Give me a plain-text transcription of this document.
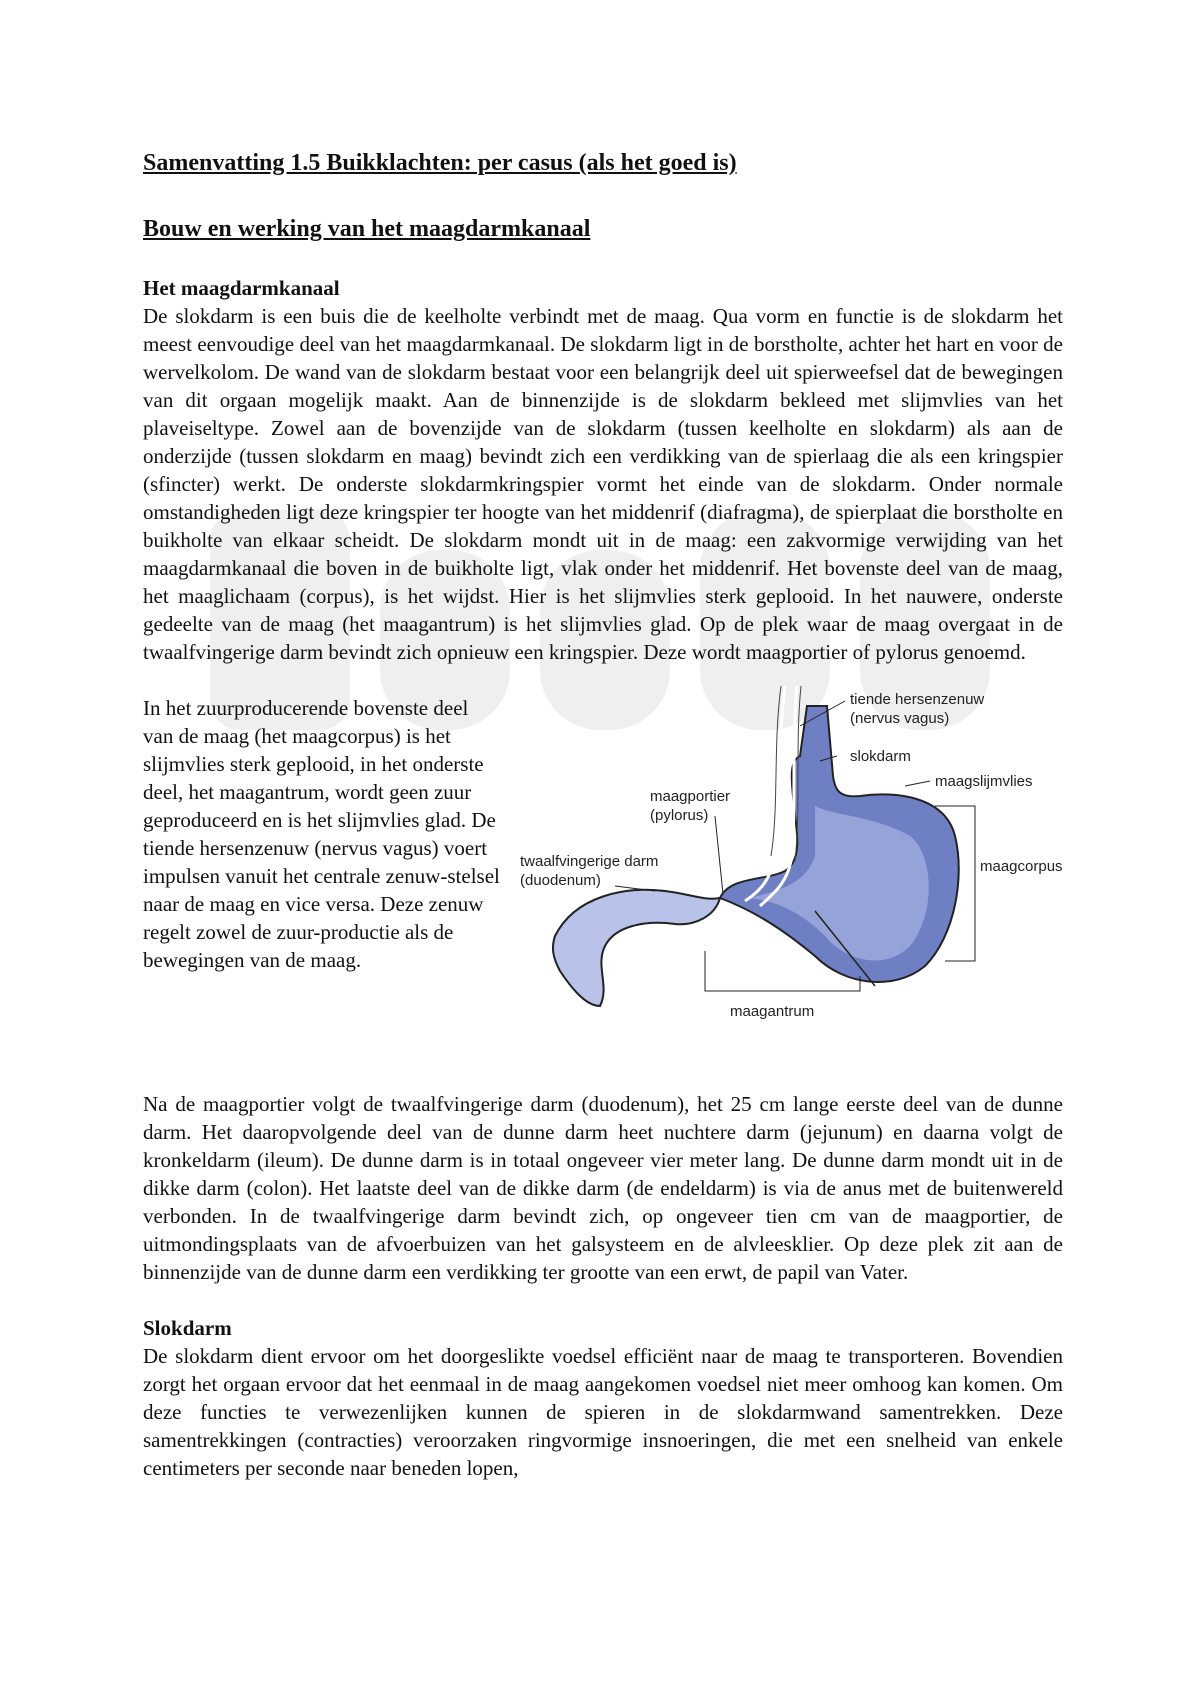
Samenvatting 1.5 Buikklachten: per casus (als het goed is)
Bouw en werking van het maagdarmkanaal
Het maagdarmkanaal

De slokdarm is een buis die de keelholte verbindt met de maag. Qua vorm en functie is de slokdarm het meest eenvoudige deel van het maagdarmkanaal. De slokdarm ligt in de borstholte, achter het hart en voor de wervelkolom. De wand van de slokdarm bestaat voor een belangrijk deel uit spierweefsel dat de bewegingen van dit orgaan mogelijk maakt. Aan de binnenzijde is de slokdarm bekleed met slijmvlies van het plaveiseltype. Zowel aan de bovenzijde van de slokdarm (tussen keelholte en slokdarm) als aan de onderzijde (tussen slokdarm en maag) bevindt zich een verdikking van de spierlaag die als een kringspier (sfincter) werkt. De onderste slokdarmkringspier vormt het einde van de slokdarm. Onder normale omstandigheden ligt deze kringspier ter hoogte van het middenrif (diafragma), de spierplaat die borstholte en buikholte van elkaar scheidt. De slokdarm mondt uit in de maag: een zakvormige verwijding van het maagdarmkanaal die boven in de buikholte ligt, vlak onder het middenrif. Het bovenste deel van de maag, het maaglichaam (corpus), is het wijdst. Hier is het slijmvlies sterk geplooid. In het nauwere, onderste gedeelte van de maag (het maagantrum) is het slijmvlies glad. Op de plek waar de maag overgaat in de twaalfvingerige darm bevindt zich opnieuw een kringspier. Deze wordt maagportier of pylorus genoemd.

In het zuurproducerende bovenste deel van de maag (het maagcorpus) is het slijmvlies sterk geplooid, in het onderste deel, het maagantrum, wordt geen zuur geproduceerd en is het slijmvlies glad. De tiende hersenzenuw (nervus vagus) voert impulsen vanuit het centrale zenuw-stelsel naar de maag en vice versa. Deze zenuw regelt zowel de zuur-productie als de bewegingen van de maag.

tiende hersenzenuw
(nervus vagus)
slokdarm
maagslijmvlies
maagportier
(pylorus)
twaalfvingerige darm
(duodenum)
maagcorpus
maagantrum

Na de maagportier volgt de twaalfvingerige darm (duodenum), het 25 cm lange eerste deel van de dunne darm. Het daaropvolgende deel van de dunne darm heet nuchtere darm (jejunum) en daarna volgt de kronkeldarm (ileum). De dunne darm is in totaal ongeveer vier meter lang. De dunne darm mondt uit in de dikke darm (colon). Het laatste deel van de dikke darm (de endeldarm) is via de anus met de buitenwereld verbonden. In de twaalfvingerige darm bevindt zich, op ongeveer tien cm van de maagportier, de uitmondingsplaats van de afvoerbuizen van het galsysteem en de alvleesklier. Op deze plek zit aan de binnenzijde van de dunne darm een verdikking ter grootte van een erwt, de papil van Vater.

Slokdarm

De slokdarm dient ervoor om het doorgeslikte voedsel efficiënt naar de maag te transporteren. Bovendien zorgt het orgaan ervoor dat het eenmaal in de maag aangekomen voedsel niet meer omhoog kan komen. Om deze functies te verwezenlijken kunnen de spieren in de slokdarmwand samentrekken. Deze samentrekkingen (contracties) veroorzaken ringvormige insnoeringen, die met een snelheid van enkele centimeters per seconde naar beneden lopen,
